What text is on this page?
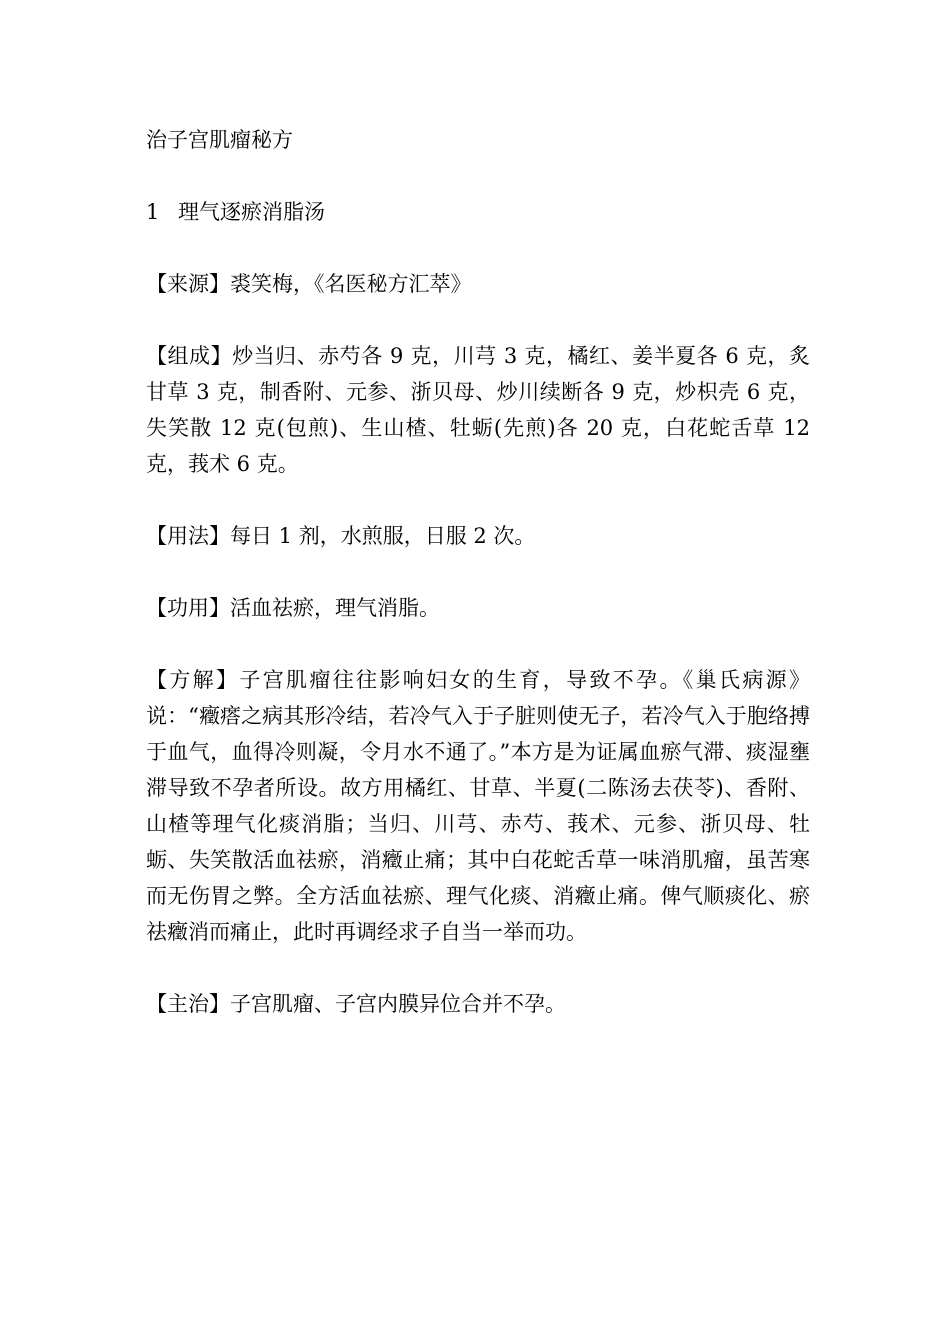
治子宫肌瘤秘方

1 理气逐瘀消脂汤

【来源】裘笑梅，《名医秘方汇萃》

【组成】炒当归、赤芍各 9 克，川芎 3 克，橘红、姜半夏各 6 克，炙甘草 3 克，制香附、元参、浙贝母、炒川续断各 9 克，炒枳壳 6 克，失笑散 12 克(包煎)、生山楂、牡蛎(先煎)各 20 克，白花蛇舌草 12 克，莪术 6 克。

【用法】每日 1 剂，水煎服，日服 2 次。

【功用】活血祛瘀，理气消脂。

【方解】子宫肌瘤往往影响妇女的生育，导致不孕。《巢氏病源》说：“癥瘩之病其形冷结，若冷气入于子脏则使无子，若冷气入于胞络搏于血气，血得冷则凝，令月水不通了。”本方是为证属血瘀气滞、痰湿壅滞导致不孕者所设。故方用橘红、甘草、半夏(二陈汤去茯苓)、香附、山楂等理气化痰消脂；当归、川芎、赤芍、莪术、元参、浙贝母、牡蛎、失笑散活血祛瘀，消癥止痛；其中白花蛇舌草一味消肌瘤，虽苦寒而无伤胃之弊。全方活血祛瘀、理气化痰、消癥止痛。俾气顺痰化、瘀祛癥消而痛止，此时再调经求子自当一举而功。

【主治】子宫肌瘤、子宫内膜异位合并不孕。
